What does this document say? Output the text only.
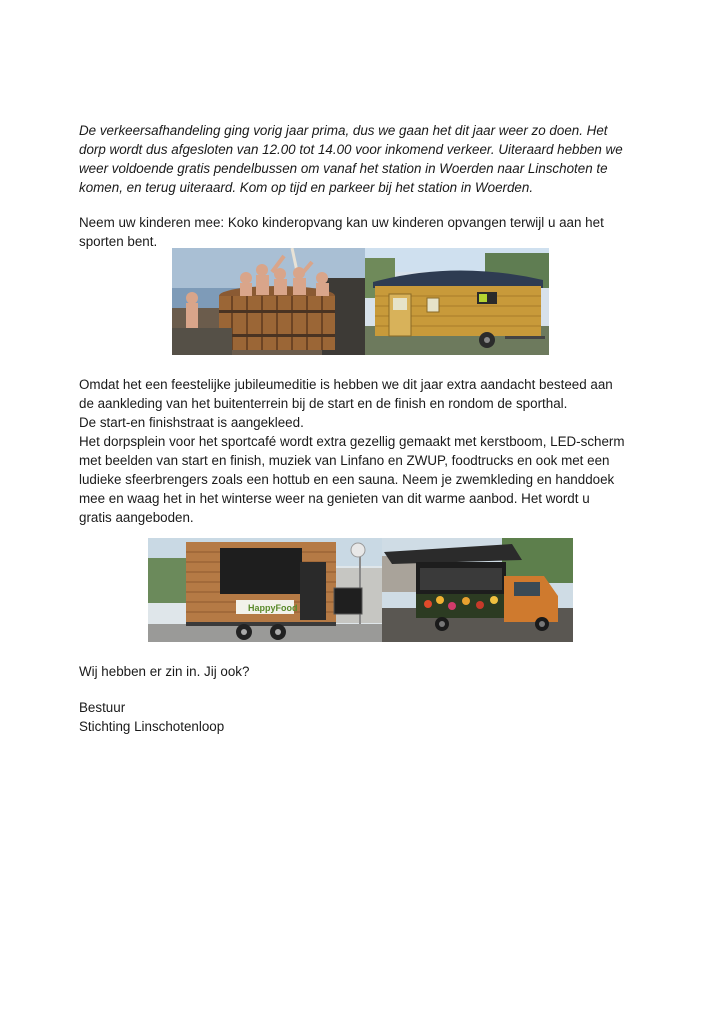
De verkeersafhandeling ging vorig jaar prima, dus we gaan het dit jaar weer zo doen. Het
dorp wordt dus afgesloten van 12.00 tot 14.00 voor inkomend verkeer. Uiteraard hebben we
weer voldoende gratis pendelbussen om vanaf het station in Woerden naar Linschoten te
komen, en terug uiteraard. Kom op tijd en parkeer bij het station in Woerden.

Neem uw kinderen mee: Koko kinderopvang kan uw kinderen opvangen terwijl u aan het
sporten bent.

Omdat het een feestelijke jubileumeditie is hebben we dit jaar extra aandacht besteed aan
de aankleding van het buitenterrein bij de start en de finish en rondom de sporthal.
De start-en finishstraat is aangekleed.
Het dorpsplein voor het sportcafé wordt extra gezellig gemaakt met kerstboom, LED-scherm
met beelden van start en finish, muziek van Linfano en ZWUP, foodtrucks en ook met een
ludieke sfeerbrengers zoals een hottub en een sauna. Neem je zwemkleding en handdoek
mee en waag het in het winterse weer na genieten van dit warme aanbod. Het wordt u
gratis aangeboden.

HappyFood

Wij hebben er zin in. Jij ook?

Bestuur
Stichting Linschotenloop
